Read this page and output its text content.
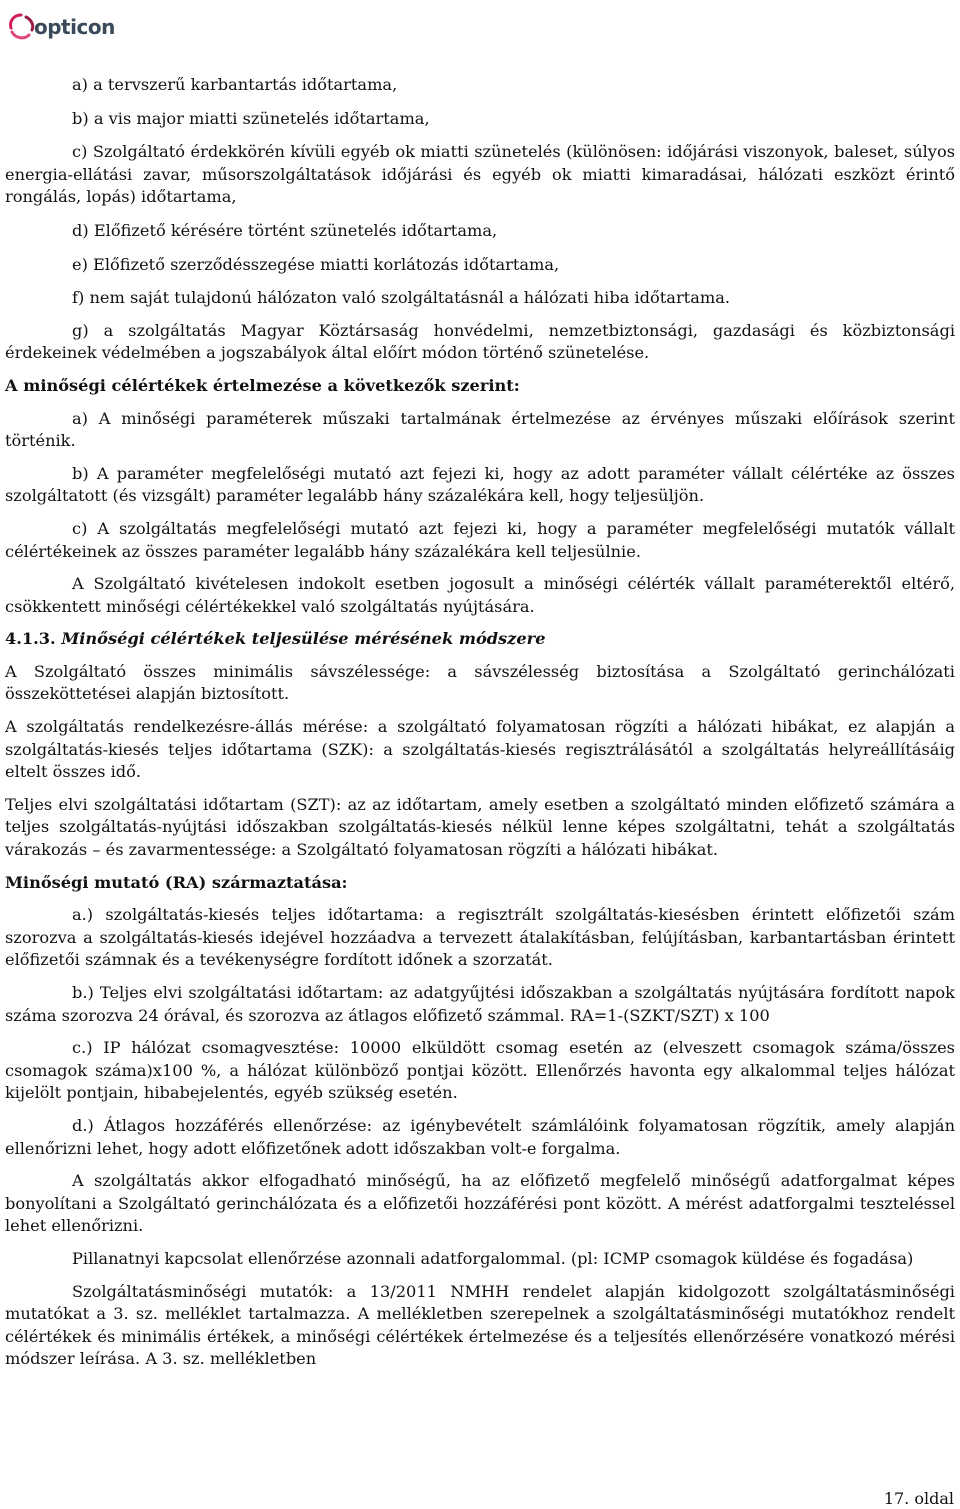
opticon

a) a tervszerű karbantartás időtartama,

b) a vis major miatti szünetelés időtartama,

c) Szolgáltató érdekkörén kívüli egyéb ok miatti szünetelés (különösen: időjárási viszonyok, baleset, súlyos energia-ellátási zavar, műsorszolgáltatások időjárási és egyéb ok miatti kimaradásai, hálózati eszközt érintő rongálás, lopás) időtartama,

d) Előfizető kérésére történt szünetelés időtartama,

e) Előfizető szerződésszegése miatti korlátozás időtartama,

f) nem saját tulajdonú hálózaton való szolgáltatásnál a hálózati hiba időtartama.

g) a szolgáltatás Magyar Köztársaság honvédelmi, nemzetbiztonsági, gazdasági és közbiztonsági érdekeinek védelmében a jogszabályok által előírt módon történő szünetelése.

A minőségi célértékek értelmezése a következők szerint:

a) A minőségi paraméterek műszaki tartalmának értelmezése az érvényes műszaki előírások szerint történik.

b) A paraméter megfelelőségi mutató azt fejezi ki, hogy az adott paraméter vállalt célértéke az összes szolgáltatott (és vizsgált) paraméter legalább hány százalékára kell, hogy teljesüljön.

c) A szolgáltatás megfelelőségi mutató azt fejezi ki, hogy a paraméter megfelelőségi mutatók vállalt célértékeinek az összes paraméter legalább hány százalékára kell teljesülnie.

A Szolgáltató kivételesen indokolt esetben jogosult a minőségi célérték vállalt paraméterektől eltérő, csökkentett minőségi célértékekkel való szolgáltatás nyújtására.

4.1.3. Minőségi célértékek teljesülése mérésének módszere

A Szolgáltató összes minimális sávszélessége: a sávszélesség biztosítása a Szolgáltató gerinchálózati összeköttetései alapján biztosított.

A szolgáltatás rendelkezésre-állás mérése: a szolgáltató folyamatosan rögzíti a hálózati hibákat, ez alapján a szolgáltatás-kiesés teljes időtartama (SZK): a szolgáltatás-kiesés regisztrálásától a szolgáltatás helyreállításáig eltelt összes idő.

Teljes elvi szolgáltatási időtartam (SZT): az az időtartam, amely esetben a szolgáltató minden előfizető számára a teljes szolgáltatás-nyújtási időszakban szolgáltatás-kiesés nélkül lenne képes szolgáltatni, tehát a szolgáltatás várakozás – és zavarmentessége: a Szolgáltató folyamatosan rögzíti a hálózati hibákat.

Minőségi mutató (RA) származtatása:

a.) szolgáltatás-kiesés teljes időtartama: a regisztrált szolgáltatás-kiesésben érintett előfizetői szám szorozva a szolgáltatás-kiesés idejével hozzáadva a tervezett átalakításban, felújításban, karbantartásban érintett előfizetői számnak és a tevékenységre fordított időnek a szorzatát.

b.) Teljes elvi szolgáltatási időtartam: az adatgyűjtési időszakban a szolgáltatás nyújtására fordított napok száma szorozva 24 órával, és szorozva az átlagos előfizető számmal. RA=1-(SZKT/SZT) x 100

c.) IP hálózat csomagvesztése: 10000 elküldött csomag esetén az (elveszett csomagok száma/összes csomagok száma)x100 %, a hálózat különböző pontjai között. Ellenőrzés havonta egy alkalommal teljes hálózat kijelölt pontjain, hibabejelentés, egyéb szükség esetén.

d.) Átlagos hozzáférés ellenőrzése: az igénybevételt számlálóink folyamatosan rögzítik, amely alapján ellenőrizni lehet, hogy adott előfizetőnek adott időszakban volt-e forgalma.

A szolgáltatás akkor elfogadható minőségű, ha az előfizető megfelelő minőségű adatforgalmat képes bonyolítani a Szolgáltató gerinchálózata és a előfizetői hozzáférési pont között. A mérést adatforgalmi teszteléssel lehet ellenőrizni.

Pillanatnyi kapcsolat ellenőrzése azonnali adatforgalommal. (pl: ICMP csomagok küldése és fogadása)

Szolgáltatásminőségi mutatók: a 13/2011 NMHH rendelet alapján kidolgozott szolgáltatásminőségi mutatókat a 3. sz. melléklet tartalmazza. A mellékletben szerepelnek a szolgáltatásminőségi mutatókhoz rendelt célértékek és minimális értékek, a minőségi célértékek értelmezése és a teljesítés ellenőrzésére vonatkozó mérési módszer leírása. A 3. sz. mellékletben

17. oldal
